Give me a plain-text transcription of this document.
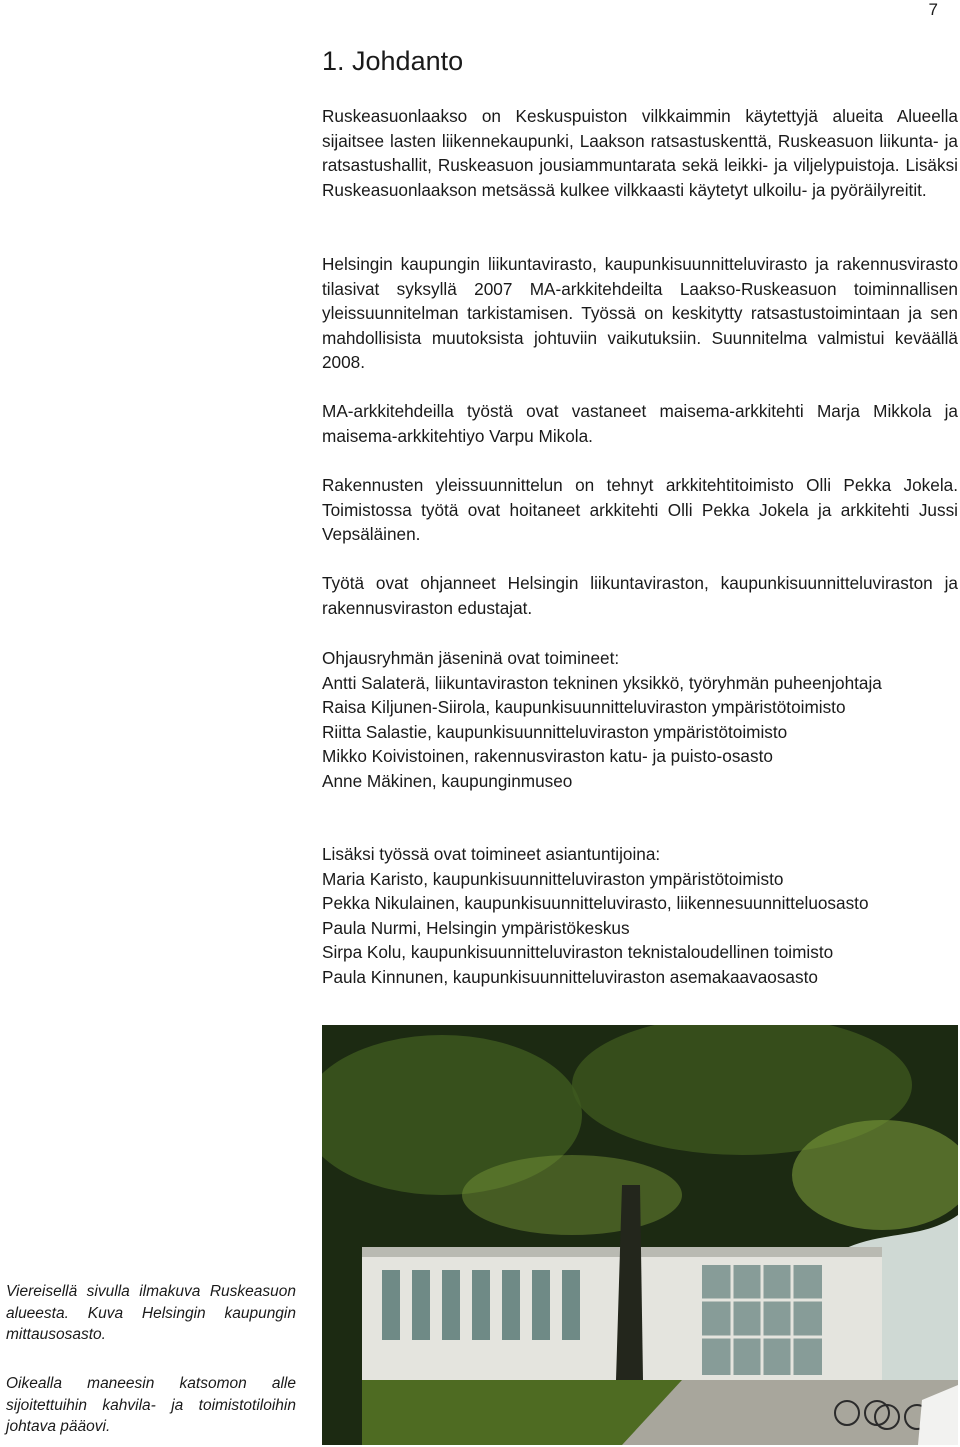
7
1. Johdanto

Ruskeasuonlaakso on Keskuspuiston vilkkaimmin käytettyjä alueita Alueella sijaitsee lasten liikennekaupunki, Laakson ratsastuskenttä, Ruskeasuon liikunta- ja ratsastushallit, Ruskeasuon jousiammuntarata sekä leikki- ja viljelypuistoja. Lisäksi Ruskeasuonlaakson metsässä kulkee vilkkaasti käytetyt ulkoilu- ja pyöräilyreitit.

Helsingin kaupungin liikuntavirasto, kaupunkisuunnitteluvirasto ja rakennusvirasto tilasivat syksyllä 2007 MA-arkkitehdeilta Laakso-Ruskeasuon toiminnallisen yleissuunnitelman tarkistamisen. Työssä on keskitytty ratsastustoimintaan ja sen mahdollisista muutoksista johtuviin vaikutuksiin. Suunnitelma valmistui keväällä 2008.

MA-arkkitehdeilla työstä ovat vastaneet maisema-arkkitehti Marja Mikkola ja maisema-arkkitehtiyo Varpu Mikola.

Rakennusten yleissuunnittelun on tehnyt arkkitehtitoimisto Olli Pekka Jokela. Toimistossa työtä ovat hoitaneet arkkitehti Olli Pekka Jokela ja arkkitehti Jussi Vepsäläinen.

Työtä ovat ohjanneet Helsingin liikuntaviraston, kaupunkisuunnitteluviraston ja rakennusviraston edustajat.

Ohjausryhmän jäseninä ovat toimineet:
Antti Salaterä, liikuntaviraston tekninen yksikkö, työryhmän puheenjohtaja
Raisa Kiljunen-Siirola, kaupunkisuunnitteluviraston ympäristötoimisto
Riitta Salastie, kaupunkisuunnitteluviraston ympäristötoimisto
Mikko Koivistoinen, rakennusviraston katu- ja puisto-osasto
Anne Mäkinen, kaupunginmuseo
Lisäksi työssä ovat toimineet asiantuntijoina:
Maria Karisto, kaupunkisuunnitteluviraston ympäristötoimisto
Pekka Nikulainen, kaupunkisuunnitteluvirasto, liikennesuunnitteluosasto
Paula Nurmi, Helsingin ympäristökeskus
Sirpa Kolu, kaupunkisuunnitteluviraston teknistaloudellinen toimisto
Paula Kinnunen, kaupunkisuunnitteluviraston asemakaavaosasto

Viereisellä sivulla ilmakuva Ruskeasuon alueesta. Kuva Helsingin kaupungin mittausosasto.

Oikealla maneesin katsomon alle sijoitettuihin kahvila- ja toimistotiloihin johtava pääovi.
